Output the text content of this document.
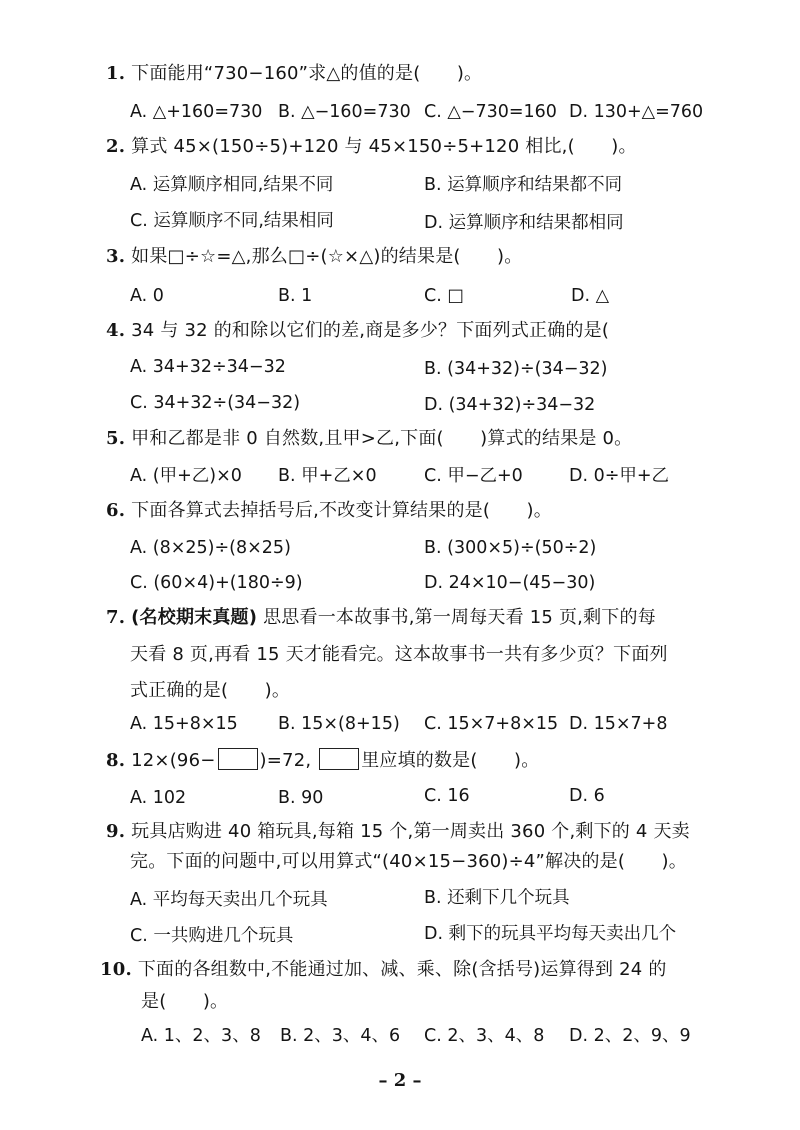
1. 下面能用“730−160”求△的值的是(　　)。
A. △+160=730 B. △−160=730 C. △−730=160 D. 130+△=760
2. 算式 45×(150÷5)+120 与 45×150÷5+120 相比,(　　)。
A. 运算顺序相同,结果不同	B. 运算顺序和结果都不同
C. 运算顺序不同,结果相同	D. 运算顺序和结果都相同
3. 如果□÷☆=△,那么□÷(☆×△)的结果是(　　)。
A. 0	B. 1	C. □	D. △
4. 34 与 32 的和除以它们的差,商是多少？下面列式正确的是(
A. 34+32÷34−32	B. (34+32)÷(34−32)
C. 34+32÷(34−32)	D. (34+32)÷34−32
5. 甲和乙都是非 0 自然数,且甲>乙,下面(　　)算式的结果是 0。
A. (甲+乙)×0 B. 甲+乙×0	C. 甲−乙+0	D. 0÷甲+乙
6. 下面各算式去掉括号后,不改变计算结果的是(　　)。
A. (8×25)÷(8×25)	B. (300×5)÷(50÷2)
C. (60×4)+(180÷9)	D. 24×10−(45−30)
7. (名校期末真题) 思思看一本故事书,第一周每天看 15 页,剩下的每
天看 8 页,再看 15 天才能看完。这本故事书一共有多少页？下面列
式正确的是(　　)。
A. 15+8×15 B. 15×(8+15) C. 15×7+8×15 D. 15×7+8
8. 12×(96− )=72,	里应填的数是(　　)。
A. 102	B. 90	C. 16	D. 6
9. 玩具店购进 40 箱玩具,每箱 15 个,第一周卖出 360 个,剩下的 4 天卖
完。下面的问题中,可以用算式“(40×15−360)÷4”解决的是(　　)。
A. 平均每天卖出几个玩具	B. 还剩下几个玩具
C. 一共购进几个玩具	D. 剩下的玩具平均每天卖出几个
10. 下面的各组数中,不能通过加、减、乘、除(含括号)运算得到 24 的
是(　　)。
A. 1、2、3、8 B. 2、3、4、6 C. 2、3、4、8 D. 2、2、9、9
– 2 –
